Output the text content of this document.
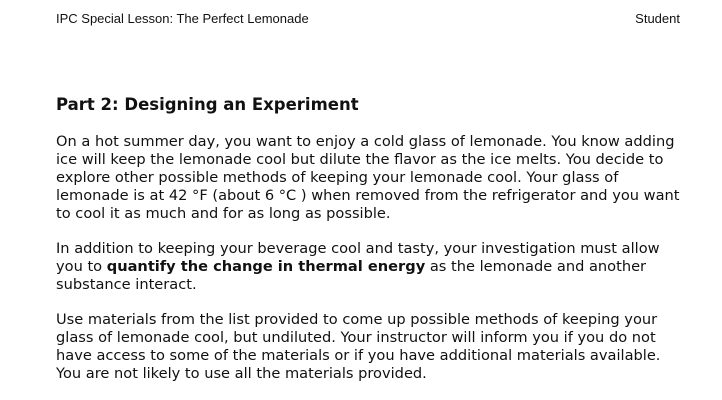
IPC Special Lesson: The Perfect Lemonade	Student
Part 2: Designing an Experiment

On a hot summer day, you want to enjoy a cold glass of lemonade. You know adding ice will keep the lemonade cool but dilute the flavor as the ice melts. You decide to explore other possible methods of keeping your lemonade cool. Your glass of lemonade is at 42 °F (about 6 °C ) when removed from the refrigerator and you want to cool it as much and for as long as possible.

In addition to keeping your beverage cool and tasty, your investigation must allow you to quantify the change in thermal energy as the lemonade and another substance interact.

Use materials from the list provided to come up possible methods of keeping your glass of lemonade cool, but undiluted. Your instructor will inform you if you do not have access to some of the materials or if you have additional materials available. You are not likely to use all the materials provided.
